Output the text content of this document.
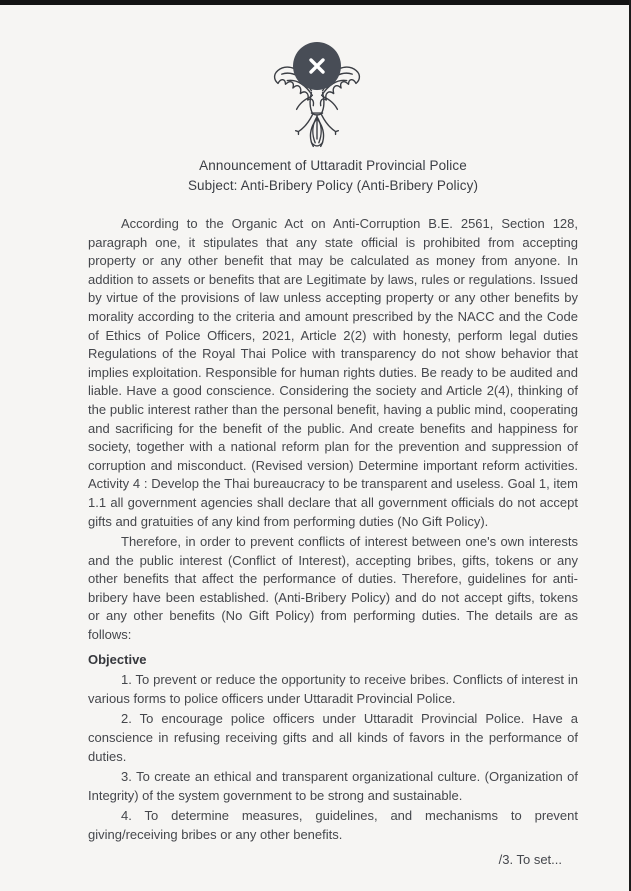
Announcement of Uttaradit Provincial Police
Subject: Anti-Bribery Policy (Anti-Bribery Policy)

According to the Organic Act on Anti-Corruption B.E. 2561, Section 128, paragraph one, it stipulates that any state official is prohibited from accepting property or any other benefit that may be calculated as money from anyone. In addition to assets or benefits that are Legitimate by laws, rules or regulations. Issued by virtue of the provisions of law unless accepting property or any other benefits by morality according to the criteria and amount prescribed by the NACC and the Code of Ethics of Police Officers, 2021, Article 2(2) with honesty, perform legal duties Regulations of the Royal Thai Police with transparency do not show behavior that implies exploitation. Responsible for human rights duties. Be ready to be audited and liable. Have a good conscience. Considering the society and Article 2(4), thinking of the public interest rather than the personal benefit, having a public mind, cooperating and sacrificing for the benefit of the public. And create benefits and happiness for society, together with a national reform plan for the prevention and suppression of corruption and misconduct. (Revised version) Determine important reform activities. Activity 4 : Develop the Thai bureaucracy to be transparent and useless. Goal 1, item 1.1 all government agencies shall declare that all government officials do not accept gifts and gratuities of any kind from performing duties (No Gift Policy).

Therefore, in order to prevent conflicts of interest between one's own interests and the public interest (Conflict of Interest), accepting bribes, gifts, tokens or any other benefits that affect the performance of duties. Therefore, guidelines for anti-bribery have been established. (Anti-Bribery Policy) and do not accept gifts, tokens or any other benefits (No Gift Policy) from performing duties. The details are as follows:

Objective

1. To prevent or reduce the opportunity to receive bribes. Conflicts of interest in various forms to police officers under Uttaradit Provincial Police.

2. To encourage police officers under Uttaradit Provincial Police. Have a conscience in refusing receiving gifts and all kinds of favors in the performance of duties.

3. To create an ethical and transparent organizational culture. (Organization of Integrity) of the system government to be strong and sustainable.

4. To determine measures, guidelines, and mechanisms to prevent giving/receiving bribes or any other benefits.

/3. To set...
